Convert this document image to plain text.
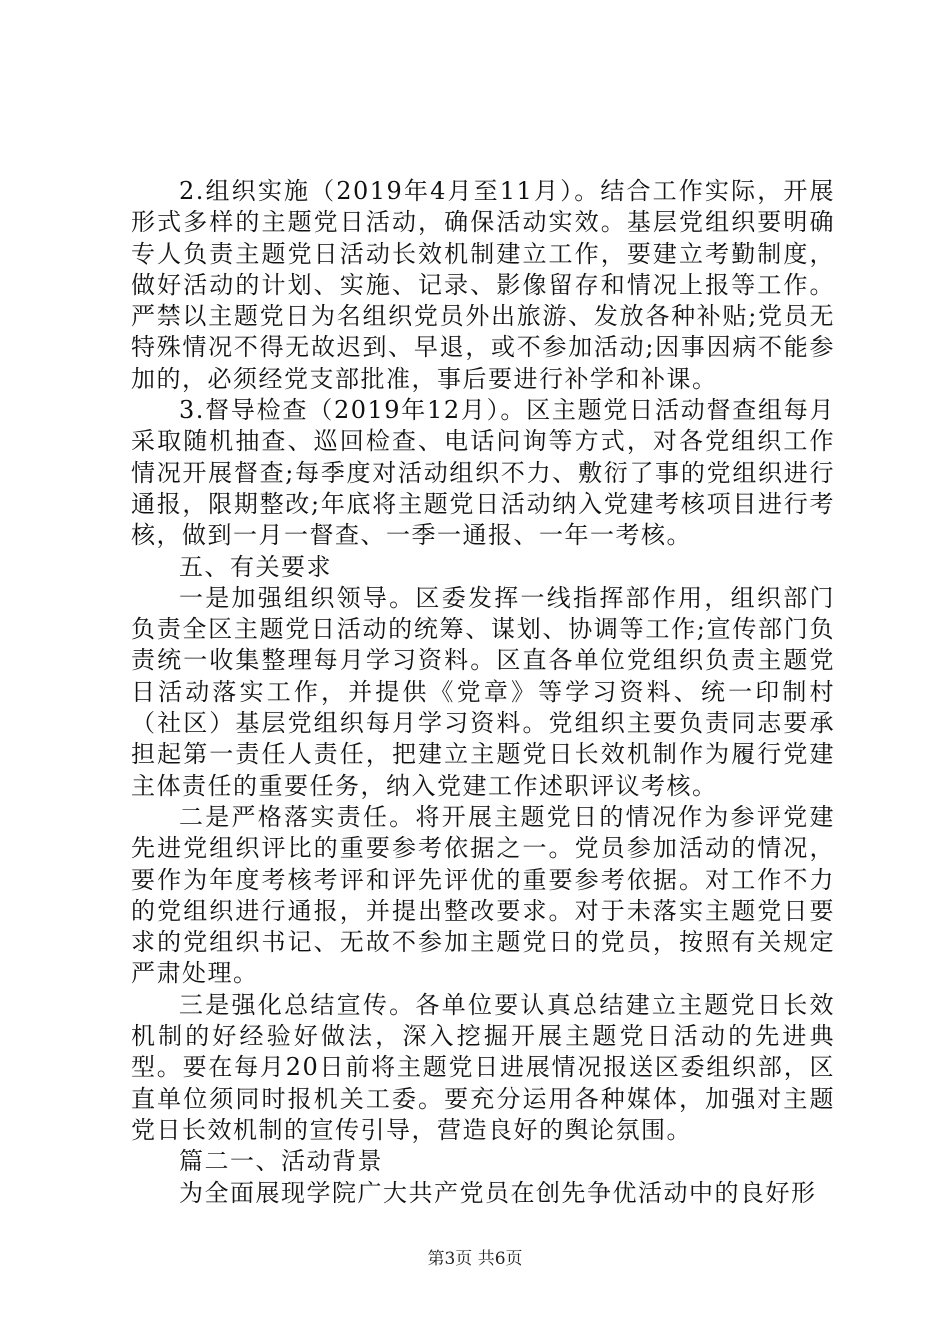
2.组织实施（2019年4月至11月）。结合工作实际，开展形式多样的主题党日活动，确保活动实效。基层党组织要明确专人负责主题党日活动长效机制建立工作，要建立考勤制度，做好活动的计划、实施、记录、影像留存和情况上报等工作。严禁以主题党日为名组织党员外出旅游、发放各种补贴;党员无特殊情况不得无故迟到、早退，或不参加活动;因事因病不能参加的，必须经党支部批准，事后要进行补学和补课。

3.督导检查（2019年12月）。区主题党日活动督查组每月采取随机抽查、巡回检查、电话问询等方式，对各党组织工作情况开展督查;每季度对活动组织不力、敷衍了事的党组织进行通报，限期整改;年底将主题党日活动纳入党建考核项目进行考核，做到一月一督查、一季一通报、一年一考核。

五、有关要求

一是加强组织领导。区委发挥一线指挥部作用，组织部门负责全区主题党日活动的统筹、谋划、协调等工作;宣传部门负责统一收集整理每月学习资料。区直各单位党组织负责主题党日活动落实工作，并提供《党章》等学习资料、统一印制村（社区）基层党组织每月学习资料。党组织主要负责同志要承担起第一责任人责任，把建立主题党日长效机制作为履行党建主体责任的重要任务，纳入党建工作述职评议考核。

二是严格落实责任。将开展主题党日的情况作为参评党建先进党组织评比的重要参考依据之一。党员参加活动的情况，要作为年度考核考评和评先评优的重要参考依据。对工作不力的党组织进行通报，并提出整改要求。对于未落实主题党日要求的党组织书记、无故不参加主题党日的党员，按照有关规定严肃处理。

三是强化总结宣传。各单位要认真总结建立主题党日长效机制的好经验好做法，深入挖掘开展主题党日活动的先进典型。要在每月20日前将主题党日进展情况报送区委组织部，区直单位须同时报机关工委。要充分运用各种媒体，加强对主题党日长效机制的宣传引导，营造良好的舆论氛围。

篇二一、活动背景

为全面展现学院广大共产党员在创先争优活动中的良好形

第3页 共6页
